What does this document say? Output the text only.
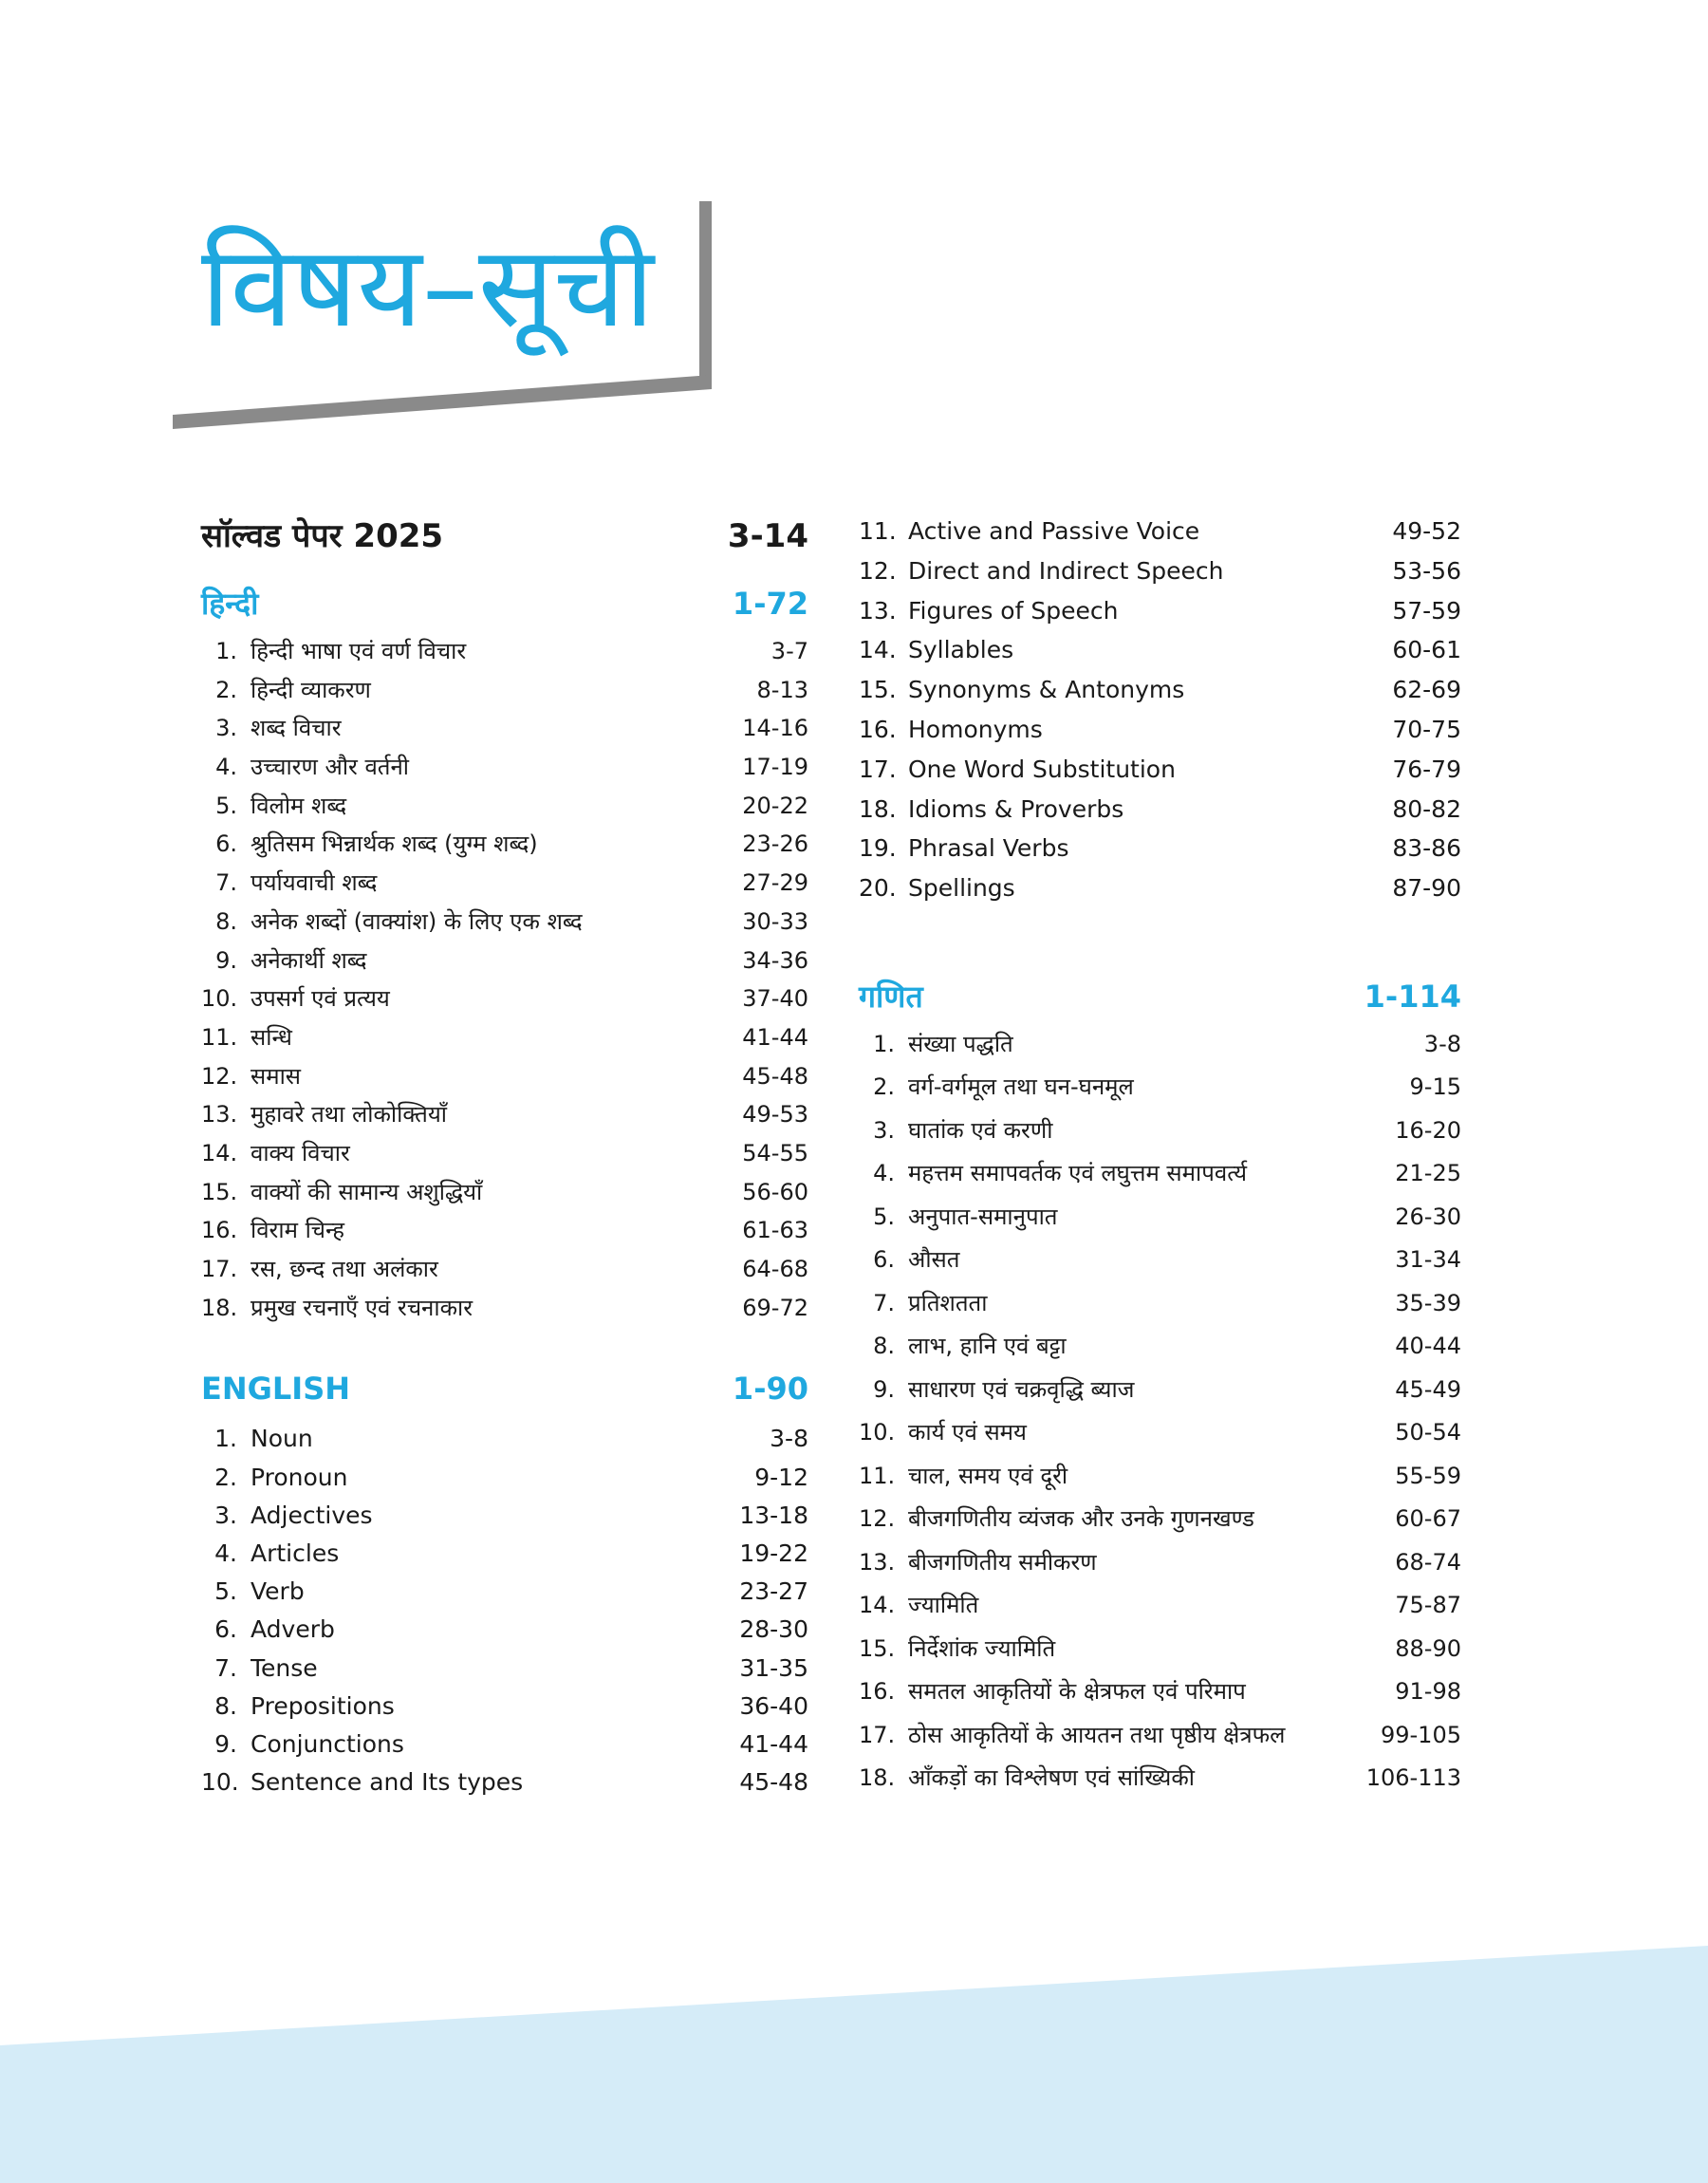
विषय–सूची
सॉल्वड पेपर 2025	3-14
हिन्दी	1-72
1. हिन्दी भाषा एवं वर्ण विचार	3-7
2. हिन्दी व्याकरण	8-13
3. शब्द विचार	14-16
4. उच्चारण और वर्तनी	17-19
5. विलोम शब्द	20-22
6. श्रुतिसम भिन्नार्थक शब्द (युग्म शब्द)	23-26
7. पर्यायवाची शब्द	27-29
8. अनेक शब्दों (वाक्यांश) के लिए एक शब्द	30-33
9. अनेकार्थी शब्द	34-36
10. उपसर्ग एवं प्रत्यय	37-40
11. सन्धि	41-44
12. समास	45-48
13. मुहावरे तथा लोकोक्तियाँ	49-53
14. वाक्य विचार	54-55
15. वाक्यों की सामान्य अशुद्धियाँ	56-60
16. विराम चिन्ह	61-63
17. रस, छन्द तथा अलंकार	64-68
18. प्रमुख रचनाएँ एवं रचनाकार	69-72
ENGLISH	1-90
1. Noun	3-8
2. Pronoun	9-12
3. Adjectives	13-18
4. Articles	19-22
5. Verb	23-27
6. Adverb	28-30
7. Tense	31-35
8. Prepositions	36-40
9. Conjunctions	41-44
10. Sentence and Its types	45-48
11. Active and Passive Voice	49-52
12. Direct and Indirect Speech	53-56
13. Figures of Speech	57-59
14. Syllables	60-61
15. Synonyms & Antonyms	62-69
16. Homonyms	70-75
17. One Word Substitution	76-79
18. Idioms & Proverbs	80-82
19. Phrasal Verbs	83-86
20. Spellings	87-90
गणित	1-114
1. संख्या पद्धति	3-8
2. वर्ग-वर्गमूल तथा घन-घनमूल	9-15
3. घातांक एवं करणी	16-20
4. महत्तम समापवर्तक एवं लघुत्तम समापवर्त्य	21-25
5. अनुपात-समानुपात	26-30
6. औसत	31-34
7. प्रतिशतता	35-39
8. लाभ, हानि एवं बट्टा	40-44
9. साधारण एवं चक्रवृद्धि ब्याज	45-49
10. कार्य एवं समय	50-54
11. चाल, समय एवं दूरी	55-59
12. बीजगणितीय व्यंजक और उनके गुणनखण्ड	60-67
13. बीजगणितीय समीकरण	68-74
14. ज्यामिति	75-87
15. निर्देशांक ज्यामिति	88-90
16. समतल आकृतियों के क्षेत्रफल एवं परिमाप	91-98
17. ठोस आकृतियों के आयतन तथा पृष्ठीय क्षेत्रफल	99-105
18. आँकड़ों का विश्लेषण एवं सांख्यिकी	106-113
